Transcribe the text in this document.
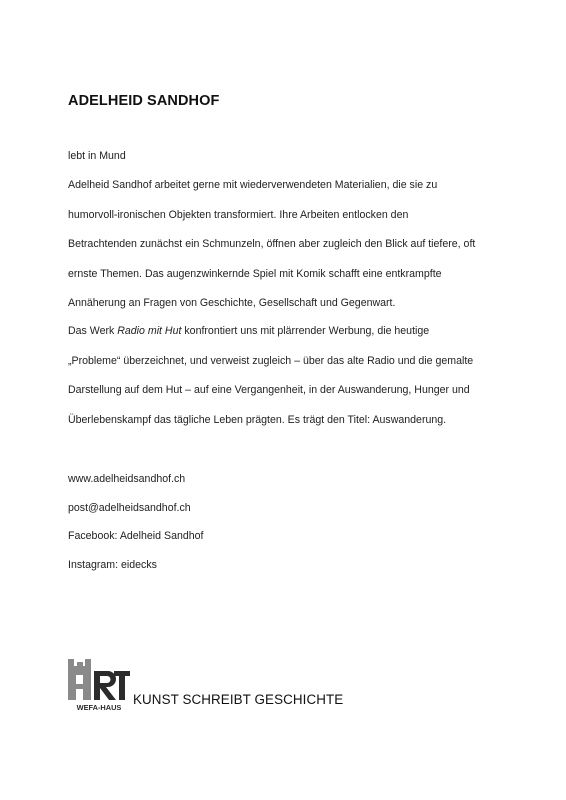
ADELHEID SANDHOF
lebt in Mund
Adelheid Sandhof arbeitet gerne mit wiederverwendeten Materialien, die sie zu
humorvoll-ironischen Objekten transformiert. Ihre Arbeiten entlocken den
Betrachtenden zunächst ein Schmunzeln, öffnen aber zugleich den Blick auf tiefere, oft
ernste Themen. Das augenzwinkernde Spiel mit Komik schafft eine entkrampfte
Annäherung an Fragen von Geschichte, Gesellschaft und Gegenwart.
Das Werk Radio mit Hut konfrontiert uns mit plärrender Werbung, die heutige
„Probleme“ überzeichnet, und verweist zugleich – über das alte Radio und die gemalte
Darstellung auf dem Hut – auf eine Vergangenheit, in der Auswanderung, Hunger und
Überlebenskampf das tägliche Leben prägten. Es trägt den Titel: Auswanderung.
www.adelheidsandhof.ch
post@adelheidsandhof.ch
Facebook: Adelheid Sandhof
Instagram: eidecks
WEFA-HAUS
KUNST SCHREIBT GESCHICHTE
